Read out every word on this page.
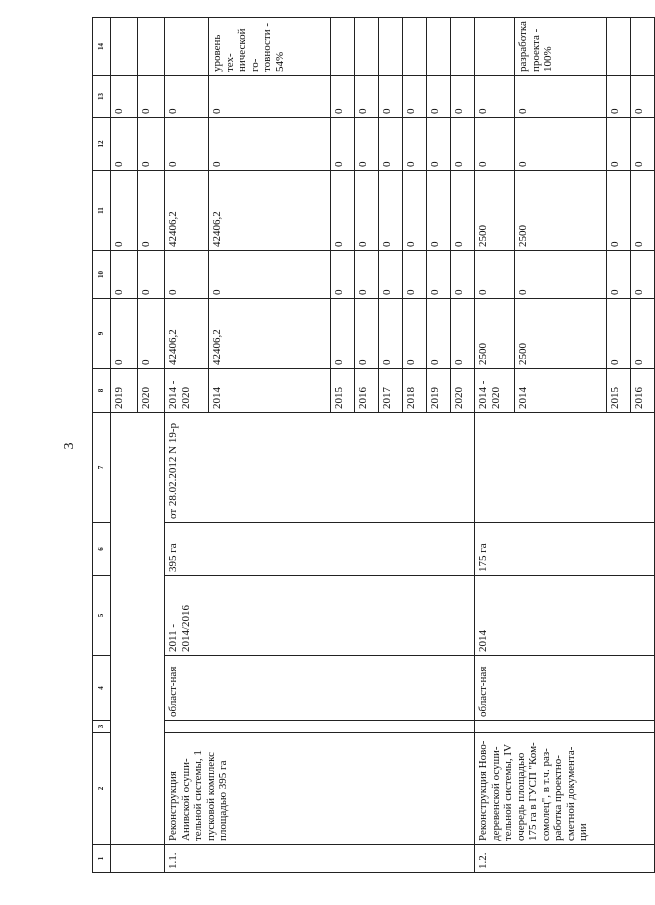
3
1	2	3	4	5	6	7	8	9	10	11	12	13	14
							2019	0	0	0	0	0	
							2020	0	0	0	0	0	
1.1.	Реконструкция Анивской осуши-тельной системы, 1 пусковой комплекс площадью 395 га		област-ная	2011 - 2014/2016	395 га	от 28.02.2012 N 19-р	2014 - 2020	42406,2	0	42406,2	0	0	
							2014	42406,2	0	42406,2	0	0	уровень тех-нической го-товности - 54%
							2015	0	0	0	0	0	
							2016	0	0	0	0	0	
							2017	0	0	0	0	0	
							2018	0	0	0	0	0	
							2019	0	0	0	0	0	
							2020	0	0	0	0	0	
1.2.	Реконструкция Ново-деревенской осуши-тельной системы, IV очередь площадью 175 га в ГУСП "Ком-сомолец", в т.ч. раз-работка проектно-сметной документа-ции		област-ная	2014	175 га		2014 - 2020	2500	0	2500	0	0	
							2014	2500	0	2500	0	0	разработка проекта - 100%
							2015	0	0	0	0	0	
							2016	0	0	0	0	0	
